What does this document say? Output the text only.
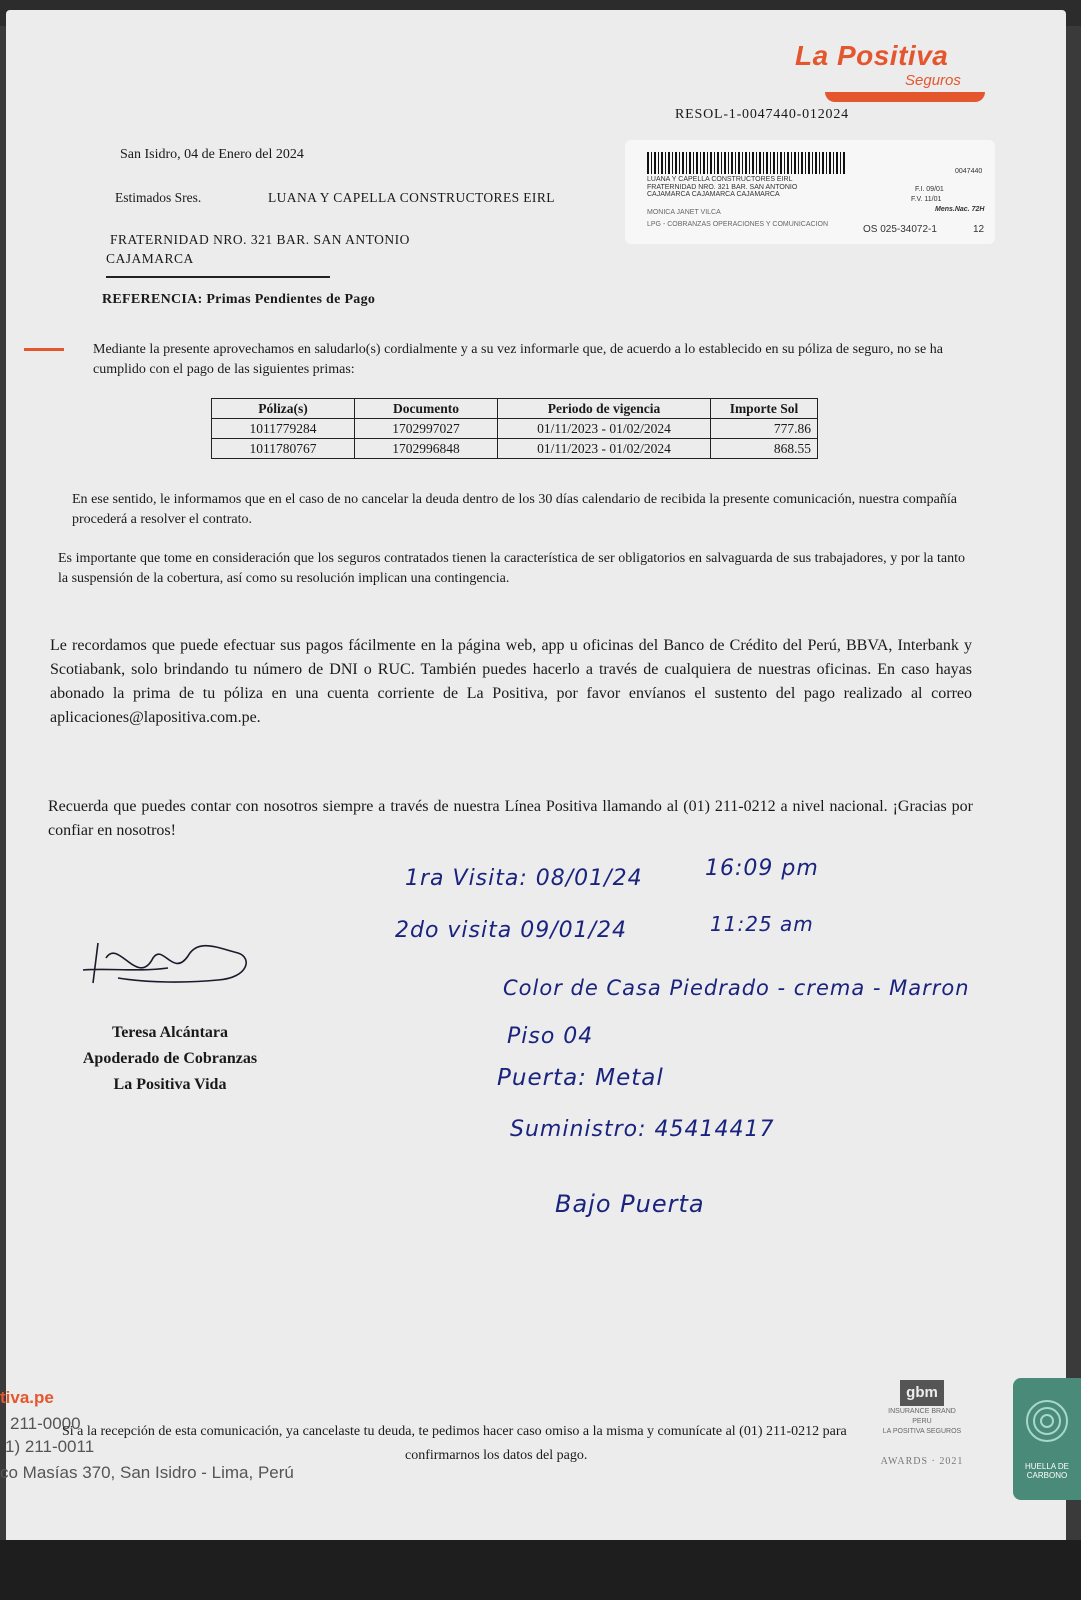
La Positiva
Seguros
RESOL-1-0047440-012024
San Isidro, 04 de Enero del 2024
Estimados Sres.	LUANA Y CAPELLA CONSTRUCTORES EIRL
FRATERNIDAD NRO. 321 BAR. SAN ANTONIO
CAJAMARCA
0047440
LUANA Y CAPELLA CONSTRUCTORES EIRL
FRATERNIDAD NRO. 321 BAR. SAN ANTONIO
CAJAMARCA CAJAMARCA CAJAMARCA
MONICA JANET VILCA
LPG - COBRANZAS OPERACIONES Y COMUNICACION
F.I. 09/01
F.V. 11/01
Mens.Nac. 72H
OS 025-34072-1	12
REFERENCIA: Primas Pendientes de Pago
Mediante la presente aprovechamos en saludarlo(s) cordialmente y a su vez informarle que, de acuerdo a lo establecido en su póliza de seguro, no se ha cumplido con el pago de las siguientes primas:
Póliza(s)	Documento	Periodo de vigencia	Importe Sol
1011779284	1702997027	01/11/2023 - 01/02/2024	777.86
1011780767	1702996848	01/11/2023 - 01/02/2024	868.55
En ese sentido, le informamos que en el caso de no cancelar la deuda dentro de los 30 días calendario de recibida la presente comunicación, nuestra compañía procederá a resolver el contrato.
Es importante que tome en consideración que los seguros contratados tienen la característica de ser obligatorios en salvaguarda de sus trabajadores, y por la tanto la suspensión de la cobertura, así como su resolución implican una contingencia.
Le recordamos que puede efectuar sus pagos fácilmente en la página web, app u oficinas del Banco de Crédito del Perú, BBVA, Interbank y Scotiabank, solo brindando tu número de DNI o RUC. También puedes hacerlo a través de cualquiera de nuestras oficinas. En caso hayas abonado la prima de tu póliza en una cuenta corriente de La Positiva, por favor envíanos el sustento del pago realizado al correo aplicaciones@lapositiva.com.pe.
Recuerda que puedes contar con nosotros siempre a través de nuestra Línea Positiva llamando al (01) 211-0212 a nivel nacional. ¡Gracias por confiar en nosotros!
1ra Visita: 08/01/24	16:09 pm
2do visita 09/01/24	11:25 am
Color de Casa Piedrado - crema - Marron
Piso 04
Puerta: Metal
Suministro: 45414417
Bajo Puerta
Teresa Alcántara
Apoderado de Cobranzas
La Positiva Vida
tiva.pe
211-0000
1) 211-0011
co Masías 370, San Isidro - Lima, Perú
Si a la recepción de esta comunicación, ya cancelaste tu deuda, te pedimos hacer caso omiso a la misma y comunícate al (01) 211-0212 para
confirmarnos los datos del pago.
gbm
INSURANCE BRAND
PERU
LA POSITIVA SEGUROS
AWARDS · 2021	HUELLA DE CARBONO
